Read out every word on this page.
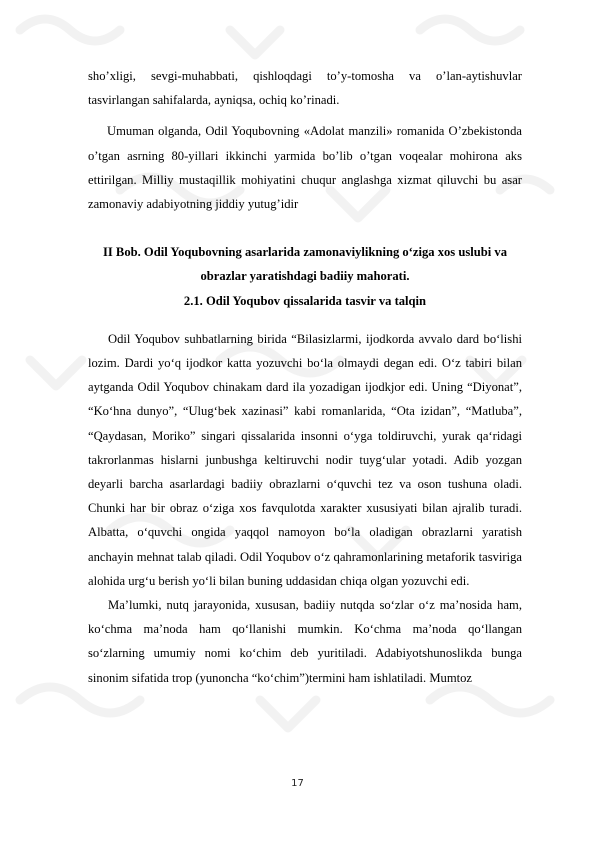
sho’xligi, sevgi-muhabbati, qishloqdagi to’y-tomosha va o’lan-aytishuvlar tasvirlangan sahifalarda, ayniqsa, ochiq ko’rinadi.

Umuman olganda, Odil Yoqubovning «Adolat manzili» romanida O’zbekistonda o’tgan asrning 80-yillari ikkinchi yarmida bo’lib o’tgan voqealar mohirona aks ettirilgan. Milliy mustaqillik mohiyatini chuqur anglashga xizmat qiluvchi bu asar zamonaviy adabiyotning jiddiy yutug’idir

II Bob. Odil Yoqubovning asarlarida zamonaviylikning o‘ziga xos uslubi va obrazlar yaratishdagi badiiy mahorati.

2.1. Odil Yoqubov qissalarida tasvir va talqin

Odil Yoqubov suhbatlarning birida “Bilasizlarmi, ijodkorda avvalo dard bo‘lishi lozim. Dardi yo‘q ijodkor katta yozuvchi bo‘la olmaydi degan edi. O‘z tabiri bilan aytganda Odil Yoqubov chinakam dard ila yozadigan ijodkjor edi. Uning “Diyonat”, “Ko‘hna dunyo”, “Ulug‘bek xazinasi” kabi romanlarida, “Ota izidan”, “Matluba”, “Qaydasan, Moriko” singari qissalarida insonni o‘yga toldiruvchi, yurak qa‘ridagi takrorlanmas hislarni junbushga keltiruvchi nodir tuyg‘ular yotadi. Adib yozgan deyarli barcha asarlardagi badiiy obrazlarni o‘quvchi tez va oson tushuna oladi. Chunki har bir obraz o‘ziga xos favqulotda xarakter xususiyati bilan ajralib turadi. Albatta, o‘quvchi ongida yaqqol namoyon bo‘la oladigan obrazlarni yaratish anchayin mehnat talab qiladi. Odil Yoqubov o‘z qahramonlarining metaforik tasviriga alohida urg‘u berish yo‘li bilan buning uddasidan chiqa olgan yozuvchi edi.

Ma’lumki, nutq jarayonida, xususan, badiiy nutqda so‘zlar o‘z ma’nosida ham, ko‘chma ma’noda ham qo‘llanishi mumkin. Ko‘chma ma’noda qo‘llangan so‘zlarning umumiy nomi ko‘chim deb yuritiladi. Adabiyotshunoslikda bunga sinonim sifatida trop (yunoncha “ko‘chim”)termini ham ishlatiladi. Mumtoz

17
